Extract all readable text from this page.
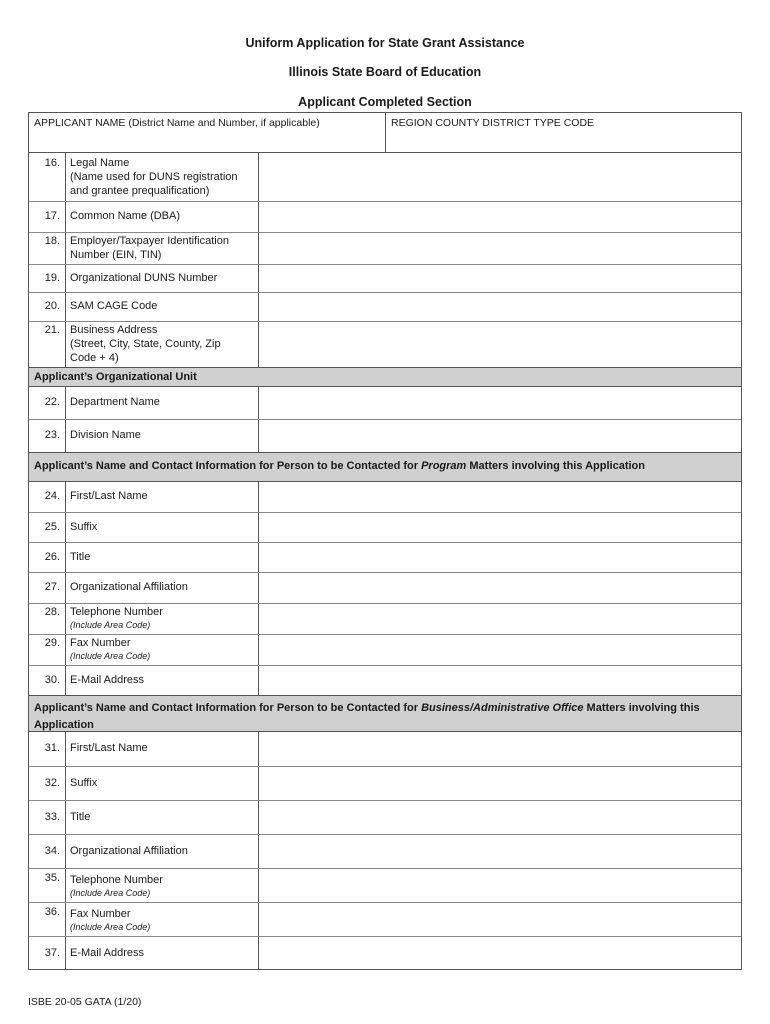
Uniform Application for State Grant Assistance
Illinois State Board of Education
Applicant Completed Section
APPLICANT NAME (District Name and Number, if applicable)	REGION COUNTY DISTRICT TYPE CODE
16. Legal Name
(Name used for DUNS registration
and grantee prequalification)
17. Common Name (DBA)
18. Employer/Taxpayer Identification
Number (EIN, TIN)
19. Organizational DUNS Number
20. SAM CAGE Code
21. Business Address
(Street, City, State, County, Zip
Code + 4)
Applicant’s Organizational Unit
22. Department Name
23. Division Name
Applicant’s Name and Contact Information for Person to be Contacted for Program Matters involving this Application
24. First/Last Name
25. Suffix
26. Title
27. Organizational Affiliation
28. Telephone Number
(Include Area Code)
29. Fax Number
(Include Area Code)
30. E-Mail Address
Applicant’s Name and Contact Information for Person to be Contacted for Business/Administrative Office Matters involving this Application
31. First/Last Name
32. Suffix
33. Title
34. Organizational Affiliation
35. Telephone Number
(Include Area Code)
36. Fax Number
(Include Area Code)
37. E-Mail Address
ISBE 20-05 GATA (1/20)
